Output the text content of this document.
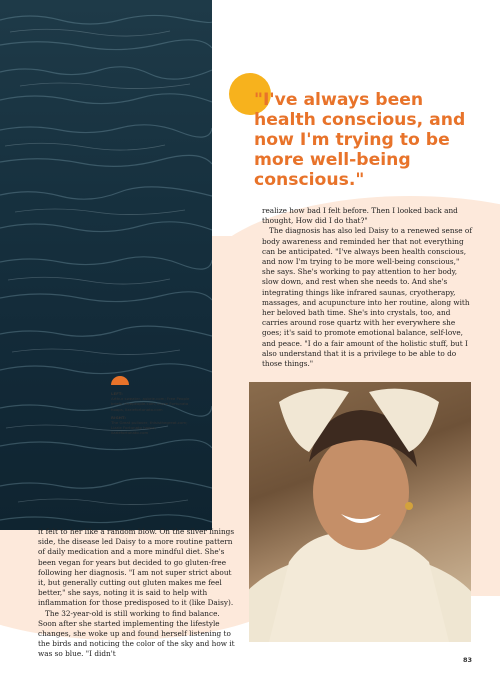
"I've always been health conscious, and now I'm trying to be more well-being conscious."

realize how bad I felt before. Then I looked back and thought, How did I do that?"

The diagnosis has also led Daisy to a renewed sense of body awareness and reminded her that not everything can be anticipated. "I've always been health conscious, and now I'm trying to be more well-being conscious," she says. She's working to pay attention to her body, slow down, and rest when she needs to. And she's integrating things like infrared saunas, cryotherapy, massages, and acupuncture into her routine, along with her beloved bath time. She's into crystals, too, and carries around rose quartz with her everywhere she goes; it's said to promote emotional balance, self-love, and peace. "I do a fair amount of the holistic stuff, but I also understand that it is a privilege to be able to do those things."

LEFT:
Arthur sweater, aubrie.com; Free People briefs, freepeople.com; Lizzie Fortunato hoops, lizziefortunato.com
RIGHT:
The Great pullover, thisisthegreat.com; Lizzie Fortunato hoops, lizziefortunato.com

it felt to her like a random blow. On the silver linings side, the disease led Daisy to a more routine pattern of daily medication and a more mindful diet. She's been vegan for years but decided to go gluten-free following her diagnosis. "I am not super strict about it, but generally cutting out gluten makes me feel better," she says, noting it is said to help with inflammation for those predisposed to it (like Daisy).

The 32-year-old is still working to find balance. Soon after she started implementing the lifestyle changes, she woke up and found herself listening to the birds and noticing the color of the sky and how it was so blue. "I didn't

83
